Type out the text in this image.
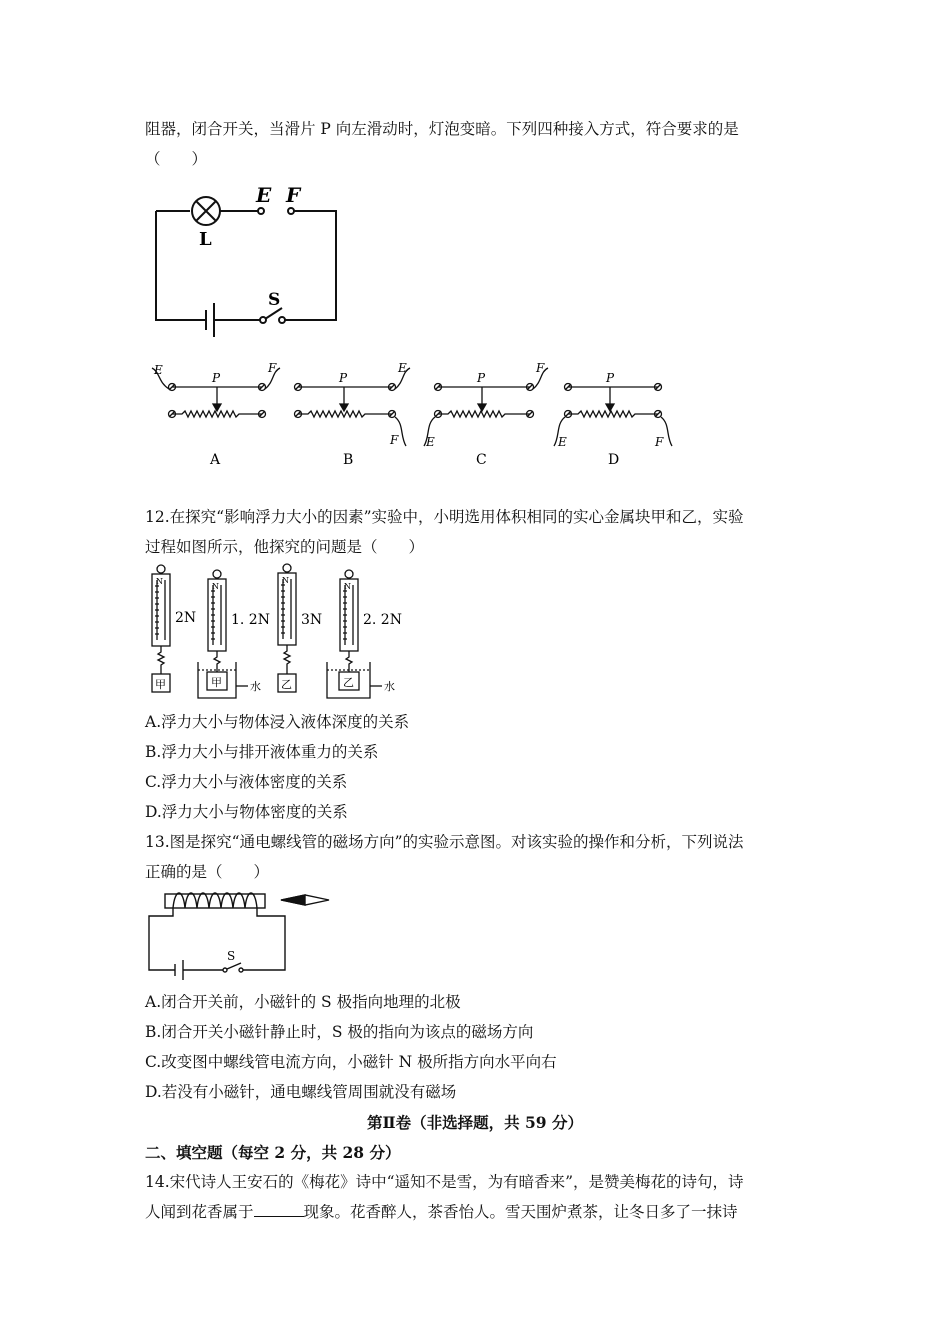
阻器，闭合开关，当滑片 P 向左滑动时，灯泡变暗。下列四种接入方式，符合要求的是
（　　）
E F
L
S
E	F
P
A
E
F
P
B
E
F
P
C
E	F
P
D
12.在探究“影响浮力大小的因素”实验中，小明选用体积相同的实心金属块甲和乙，实验
过程如图所示，他探究的问题是（　　）
N
N
N
N
2N 1. 2N 3N	2. 2N
甲	甲	乙	乙
水	水
A.浮力大小与物体浸入液体深度的关系
B.浮力大小与排开液体重力的关系
C.浮力大小与液体密度的关系
D.浮力大小与物体密度的关系
13.图是探究“通电螺线管的磁场方向”的实验示意图。对该实验的操作和分析，下列说法
正确的是（　　）
S
A.闭合开关前，小磁针的 S 极指向地理的北极
B.闭合开关小磁针静止时，S 极的指向为该点的磁场方向
C.改变图中螺线管电流方向，小磁针 N 极所指方向水平向右
D.若没有小磁针，通电螺线管周围就没有磁场
第Ⅱ卷（非选择题，共 59 分）
二、填空题（每空 2 分，共 28 分）
14.宋代诗人王安石的《梅花》诗中“遥知不是雪，为有暗香来”，是赞美梅花的诗句，诗
人闻到花香属于	现象。花香醉人，茶香怡人。雪天围炉煮茶，让冬日多了一抹诗
